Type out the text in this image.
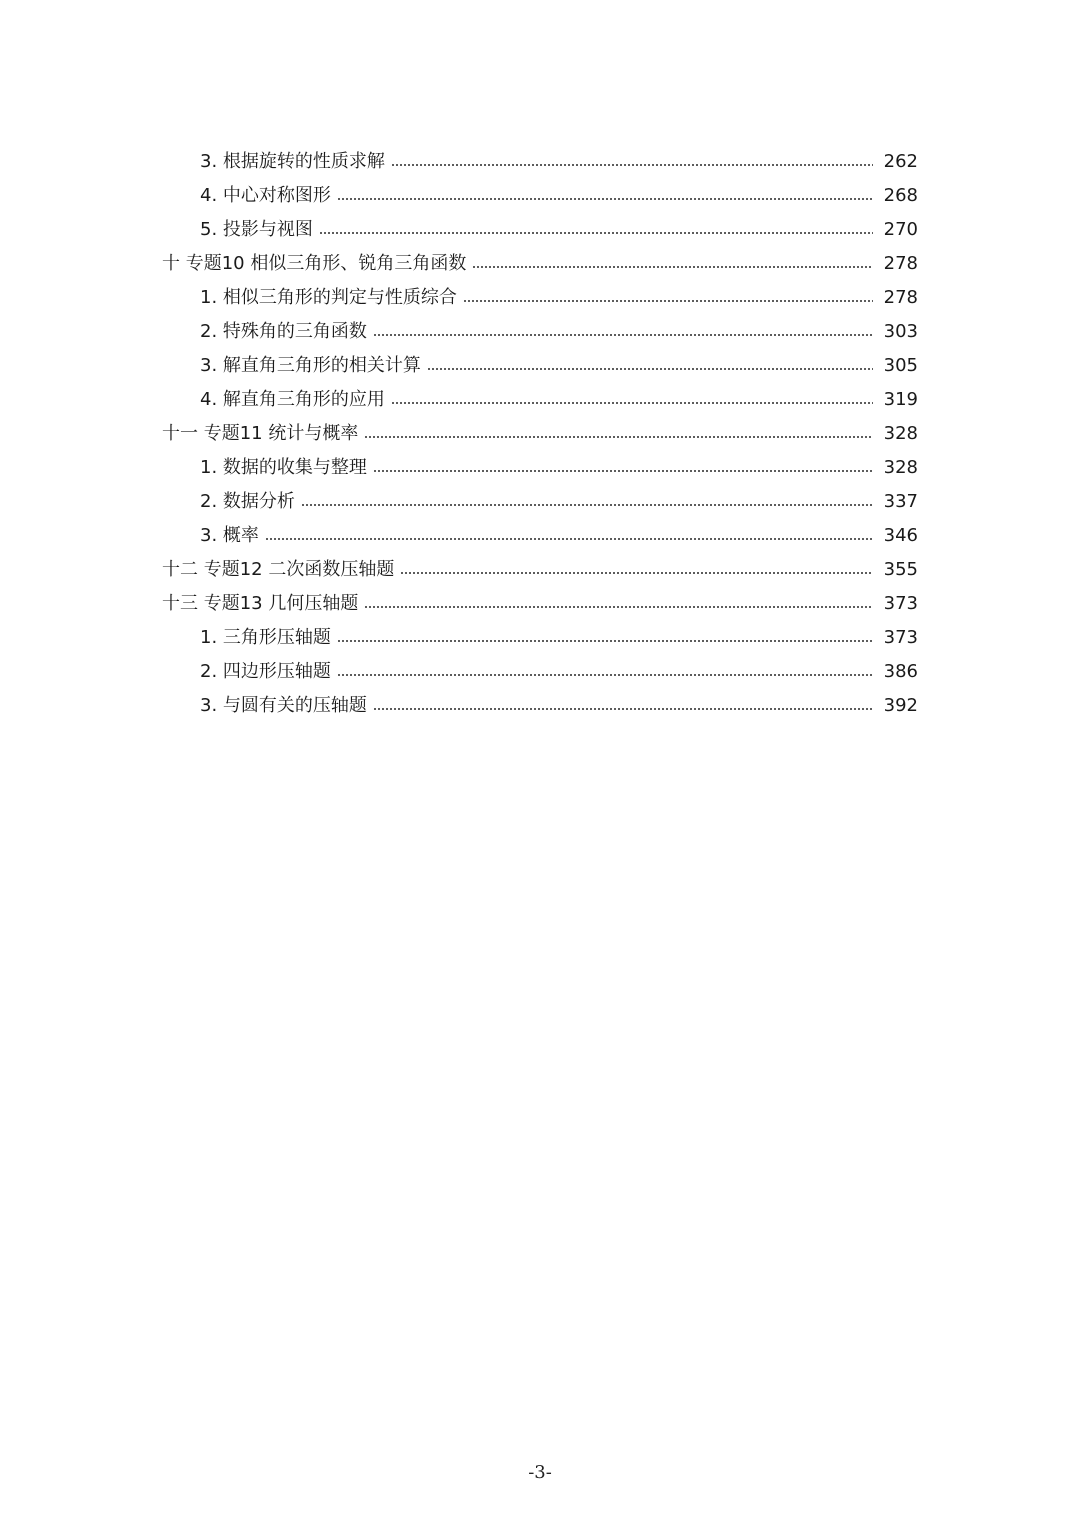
3. 根据旋转的性质求解	262
4. 中心对称图形	268
5. 投影与视图	270
十 专题10 相似三角形、锐角三角函数	278
1. 相似三角形的判定与性质综合	278
2. 特殊角的三角函数	303
3. 解直角三角形的相关计算	305
4. 解直角三角形的应用	319
十一 专题11 统计与概率	328
1. 数据的收集与整理	328
2. 数据分析	337
3. 概率	346
十二 专题12 二次函数压轴题	355
十三 专题13 几何压轴题	373
1. 三角形压轴题	373
2. 四边形压轴题	386
3. 与圆有关的压轴题	392
-3-
